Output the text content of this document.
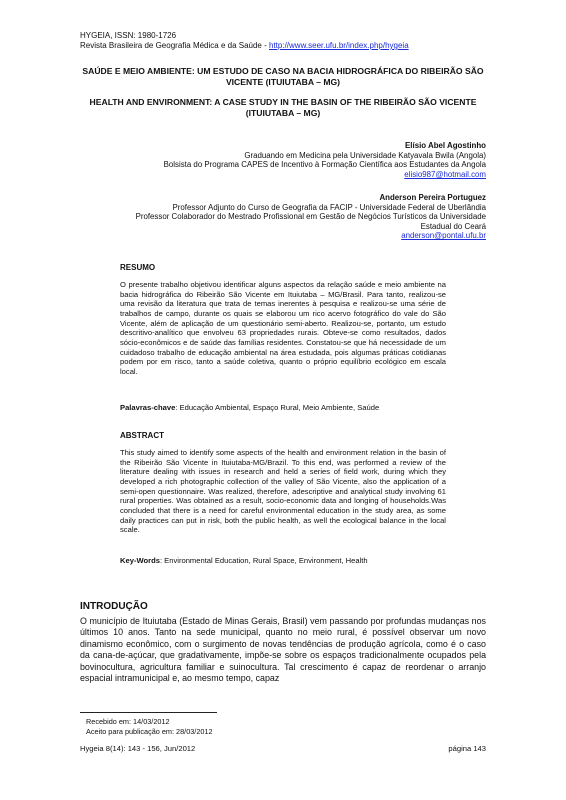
HYGEIA, ISSN: 1980-1726
Revista Brasileira de Geografia Médica e da Saúde - http://www.seer.ufu.br/index.php/hygeia
SAÚDE E MEIO AMBIENTE: UM ESTUDO DE CASO NA BACIA HIDROGRÁFICA DO RIBEIRÃO SÃO VICENTE (ITUIUTABA – MG)
HEALTH AND ENVIRONMENT: A CASE STUDY IN THE BASIN OF THE RIBEIRÃO SÃO VICENTE (ITUIUTABA – MG)
Elísio Abel Agostinho
Graduando em Medicina pela Universidade Katyavala Bwila (Angola)
Bolsista do Programa CAPES de Incentivo à Formação Científica aos Estudantes da Angola
elisio987@hotmail.com
Anderson Pereira Portuguez
Professor Adjunto do Curso de Geografia da FACIP - Universidade Federal de Uberlândia
Professor Colaborador do Mestrado Profissional em Gestão de Negócios Turísticos da Universidade
Estadual do Ceará
anderson@pontal.ufu.br
RESUMO
O presente trabalho objetivou identificar alguns aspectos da relação saúde e meio ambiente na bacia hidrográfica do Ribeirão São Vicente em Ituiutaba – MG/Brasil. Para tanto, realizou-se uma revisão da literatura que trata de temas inerentes à pesquisa e realizou-se uma série de trabalhos de campo, durante os quais se elaborou um rico acervo fotográfico do vale do São Vicente, além de aplicação de um questionário semi-aberto. Realizou-se, portanto, um estudo descritivo-analítico que envolveu 63 propriedades rurais. Obteve-se como resultados, dados sócio-econômicos e de saúde das famílias residentes. Constatou-se que há necessidade de um cuidadoso trabalho de educação ambiental na área estudada, pois algumas práticas cotidianas podem por em risco, tanto a saúde coletiva, quanto o próprio equilíbrio ecológico em escala local.
Palavras-chave: Educação Ambiental, Espaço Rural, Meio Ambiente, Saúde
ABSTRACT
This study aimed to identify some aspects of the health and environment relation in the basin of the Ribeirão São Vicente in Ituiutaba-MG/Brazil. To this end, was performed a review of the literature dealing with issues in research and held a series of field work, during which they developed a rich photographic collection of the valley of São Vicente, also the application of a semi-open questionnaire. Was realized, therefore, adescriptive and analytical study involving 61 rural properties. Was obtained as a result, socio-economic data and longing of households.Was concluded that there is a need for careful environmental education in the study area, as some daily practices can put in risk, both the public health, as well the ecological balance in the local scale.
Key-Words: Environmental Education, Rural Space, Environment, Health
INTRODUÇÃO
O município de Ituiutaba (Estado de Minas Gerais, Brasil) vem passando por profundas mudanças nos últimos 10 anos. Tanto na sede municipal, quanto no meio rural, é possível observar um novo dinamismo econômico, com o surgimento de novas tendências de produção agrícola, como é o caso da cana-de-açúcar, que gradativamente, impõe-se sobre os espaços tradicionalmente ocupados pela bovinocultura, agricultura familiar e suinocultura. Tal crescimento é capaz de reordenar o arranjo espacial intramunicipal e, ao mesmo tempo, capaz
Recebido em: 14/03/2012
Aceito para publicação em: 28/03/2012
Hygeia 8(14): 143 - 156, Jun/2012	página 143
